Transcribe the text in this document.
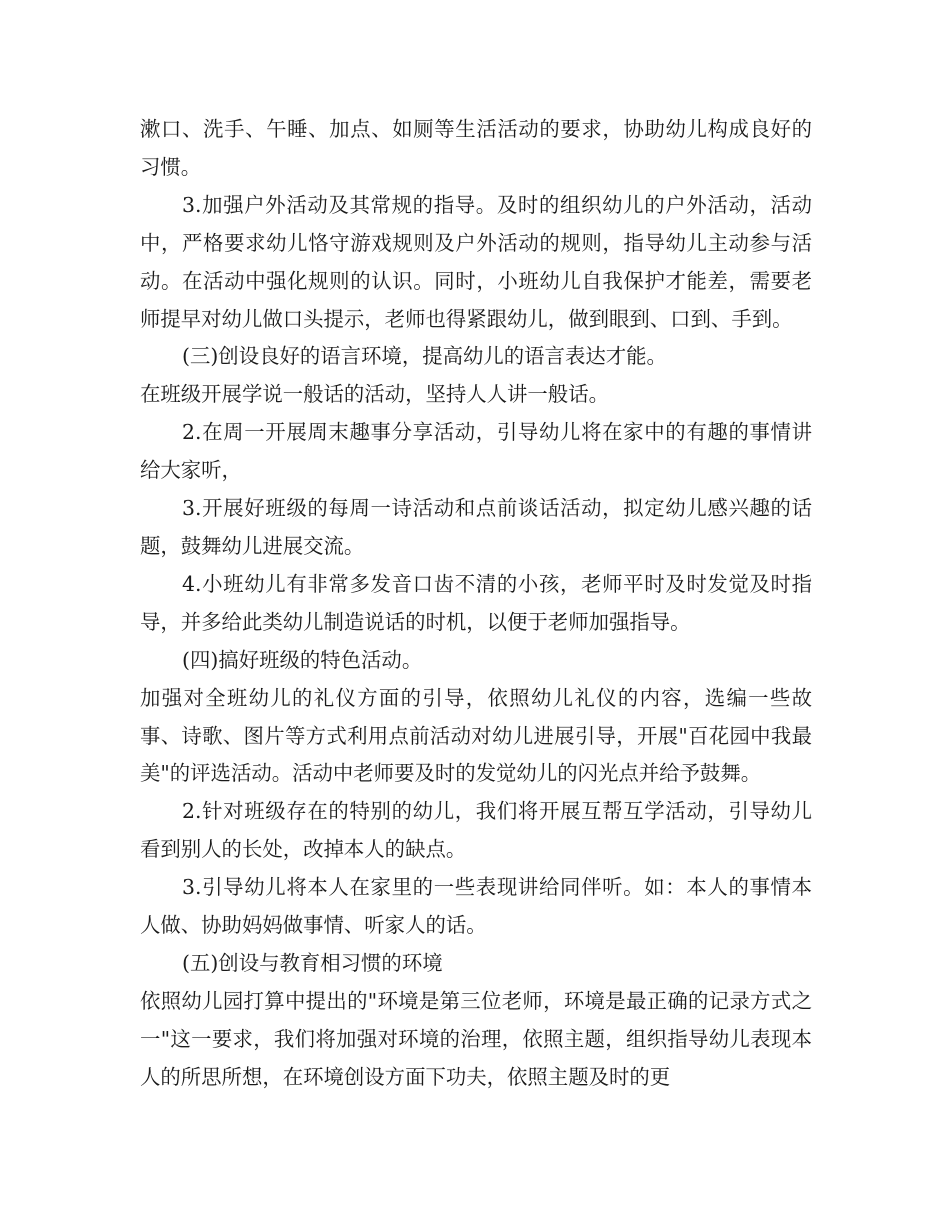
漱口、洗手、午睡、加点、如厕等生活活动的要求，协助幼儿构成良好的习惯。

3.加强户外活动及其常规的指导。及时的组织幼儿的户外活动，活动中，严格要求幼儿恪守游戏规则及户外活动的规则，指导幼儿主动参与活动。在活动中强化规则的认识。同时，小班幼儿自我保护才能差，需要老师提早对幼儿做口头提示，老师也得紧跟幼儿，做到眼到、口到、手到。

(三)创设良好的语言环境，提高幼儿的语言表达才能。

在班级开展学说一般话的活动，坚持人人讲一般话。

2.在周一开展周末趣事分享活动，引导幼儿将在家中的有趣的事情讲给大家听，

3.开展好班级的每周一诗活动和点前谈话活动，拟定幼儿感兴趣的话题，鼓舞幼儿进展交流。

4.小班幼儿有非常多发音口齿不清的小孩，老师平时及时发觉及时指导，并多给此类幼儿制造说话的时机，以便于老师加强指导。

(四)搞好班级的特色活动。

加强对全班幼儿的礼仪方面的引导，依照幼儿礼仪的内容，选编一些故事、诗歌、图片等方式利用点前活动对幼儿进展引导，开展"百花园中我最美"的评选活动。活动中老师要及时的发觉幼儿的闪光点并给予鼓舞。

2.针对班级存在的特别的幼儿，我们将开展互帮互学活动，引导幼儿看到别人的长处，改掉本人的缺点。

3.引导幼儿将本人在家里的一些表现讲给同伴听。如：本人的事情本人做、协助妈妈做事情、听家人的话。

(五)创设与教育相习惯的环境

依照幼儿园打算中提出的"环境是第三位老师，环境是最正确的记录方式之一"这一要求，我们将加强对环境的治理，依照主题，组织指导幼儿表现本人的所思所想，在环境创设方面下功夫，依照主题及时的更
